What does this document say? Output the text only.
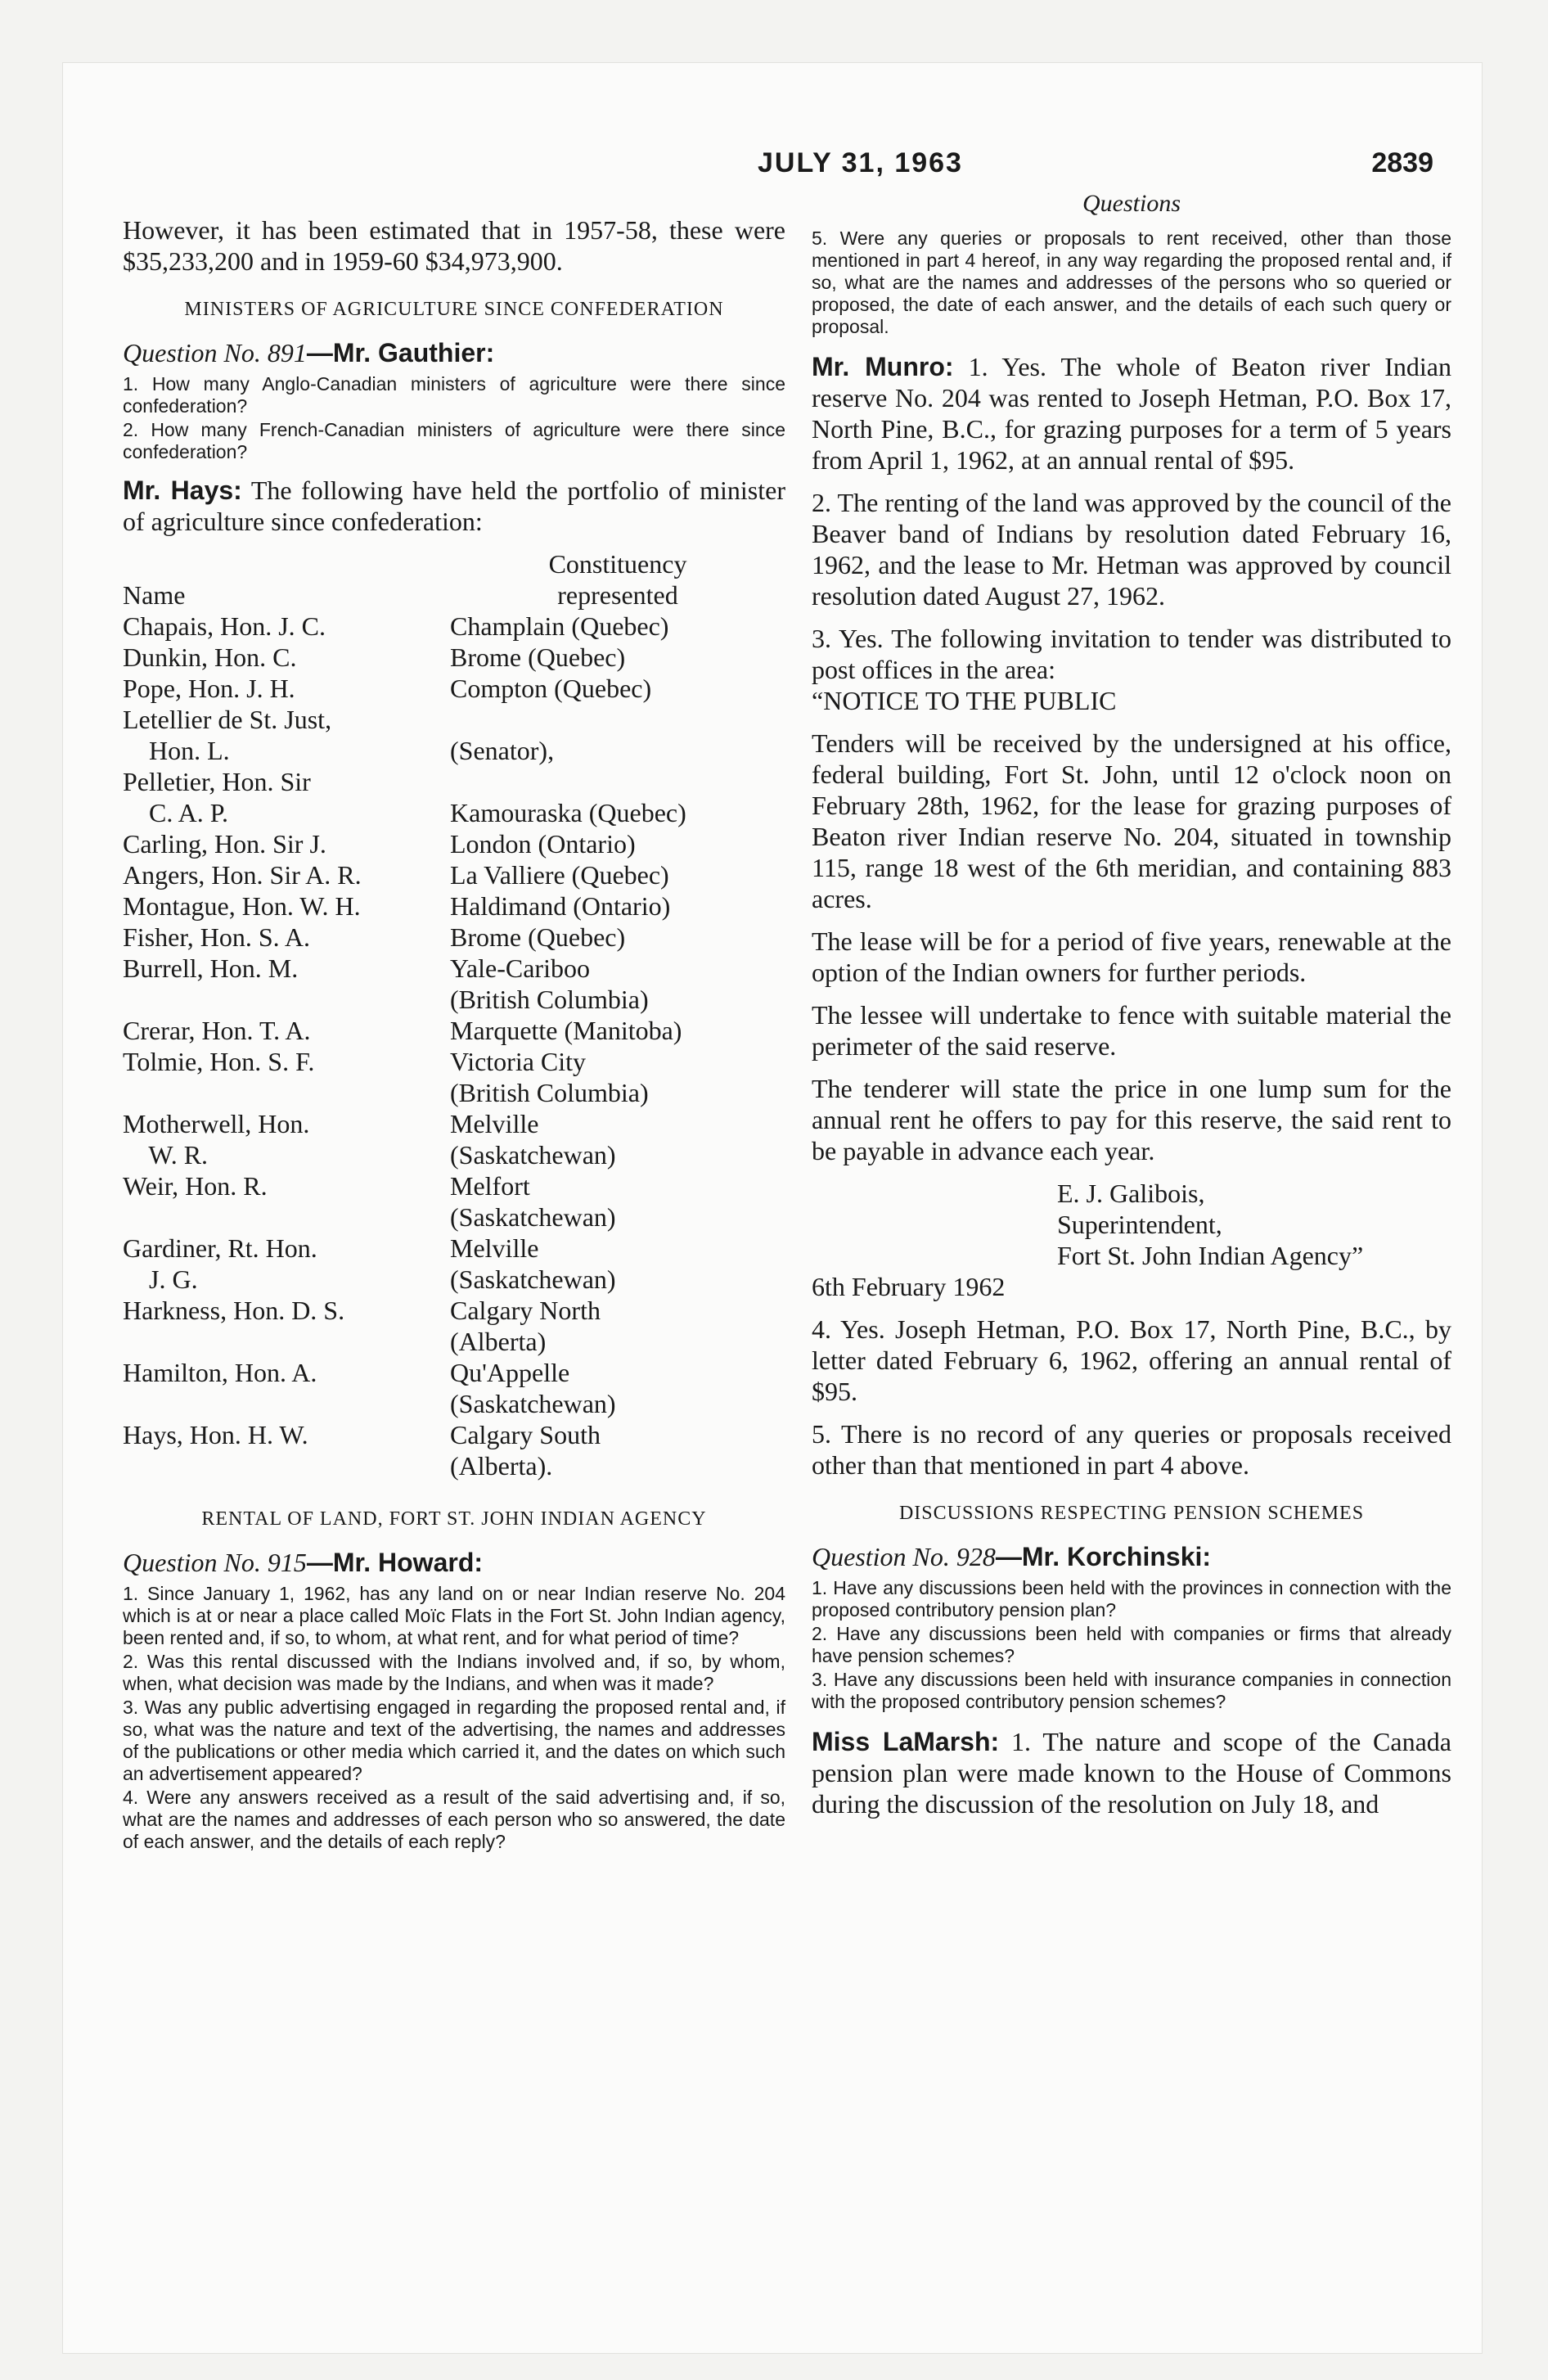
JULY 31, 1963	2839

However, it has been estimated that in 1957-58, these were $35,233,200 and in 1959-60 $34,973,900.

MINISTERS OF AGRICULTURE SINCE CONFEDERATION
Question No. 891—Mr. Gauthier:

1. How many Anglo-Canadian ministers of agriculture were there since confederation?

2. How many French-Canadian ministers of agriculture were there since confederation?

Mr. Hays: The following have held the portfolio of minister of agriculture since confederation:

	Constituency
Name	represented
Chapais, Hon. J. C.	Champlain (Quebec)
Dunkin, Hon. C.	Brome (Quebec)
Pope, Hon. J. H.	Compton (Quebec)
Letellier de St. Just,	
Hon. L.	(Senator),
Pelletier, Hon. Sir	
C. A. P.	Kamouraska (Quebec)
Carling, Hon. Sir J.	London (Ontario)
Angers, Hon. Sir A. R.	La Valliere (Quebec)
Montague, Hon. W. H.	Haldimand (Ontario)
Fisher, Hon. S. A.	Brome (Quebec)
Burrell, Hon. M.	Yale-Cariboo
	(British Columbia)
Crerar, Hon. T. A.	Marquette (Manitoba)
Tolmie, Hon. S. F.	Victoria City
	(British Columbia)
Motherwell, Hon.	Melville
W. R.	(Saskatchewan)
Weir, Hon. R.	Melfort
	(Saskatchewan)
Gardiner, Rt. Hon.	Melville
J. G.	(Saskatchewan)
Harkness, Hon. D. S.	Calgary North
	(Alberta)
Hamilton, Hon. A.	Qu'Appelle
	(Saskatchewan)
Hays, Hon. H. W.	Calgary South
	(Alberta).
RENTAL OF LAND, FORT ST. JOHN INDIAN AGENCY
Question No. 915—Mr. Howard:

1. Since January 1, 1962, has any land on or near Indian reserve No. 204 which is at or near a place called Moïc Flats in the Fort St. John Indian agency, been rented and, if so, to whom, at what rent, and for what period of time?

2. Was this rental discussed with the Indians involved and, if so, by whom, when, what decision was made by the Indians, and when was it made?

3. Was any public advertising engaged in regarding the proposed rental and, if so, what was the nature and text of the advertising, the names and addresses of the publications or other media which carried it, and the dates on which such an advertisement appeared?

4. Were any answers received as a result of the said advertising and, if so, what are the names and addresses of each person who so answered, the date of each answer, and the details of each reply?

Questions

5. Were any queries or proposals to rent received, other than those mentioned in part 4 hereof, in any way regarding the proposed rental and, if so, what are the names and addresses of the persons who so queried or proposed, the date of each answer, and the details of each such query or proposal.

Mr. Munro: 1. Yes. The whole of Beaton river Indian reserve No. 204 was rented to Joseph Hetman, P.O. Box 17, North Pine, B.C., for grazing purposes for a term of 5 years from April 1, 1962, at an annual rental of $95.

2. The renting of the land was approved by the council of the Beaver band of Indians by resolution dated February 16, 1962, and the lease to Mr. Hetman was approved by council resolution dated August 27, 1962.

3. Yes. The following invitation to tender was distributed to post offices in the area:

“NOTICE TO THE PUBLIC

Tenders will be received by the undersigned at his office, federal building, Fort St. John, until 12 o'clock noon on February 28th, 1962, for the lease for grazing purposes of Beaton river Indian reserve No. 204, situated in township 115, range 18 west of the 6th meridian, and containing 883 acres.

The lease will be for a period of five years, renewable at the option of the Indian owners for further periods.

The lessee will undertake to fence with suitable material the perimeter of the said reserve.

The tenderer will state the price in one lump sum for the annual rent he offers to pay for this reserve, the said rent to be payable in advance each year.

E. J. Galibois,

Superintendent,

Fort St. John Indian Agency”

6th February 1962

4. Yes. Joseph Hetman, P.O. Box 17, North Pine, B.C., by letter dated February 6, 1962, offering an annual rental of $95.

5. There is no record of any queries or proposals received other than that mentioned in part 4 above.

DISCUSSIONS RESPECTING PENSION SCHEMES
Question No. 928—Mr. Korchinski:

1. Have any discussions been held with the provinces in connection with the proposed contributory pension plan?

2. Have any discussions been held with companies or firms that already have pension schemes?

3. Have any discussions been held with insurance companies in connection with the proposed contributory pension schemes?

Miss LaMarsh: 1. The nature and scope of the Canada pension plan were made known to the House of Commons during the discussion of the resolution on July 18, and
